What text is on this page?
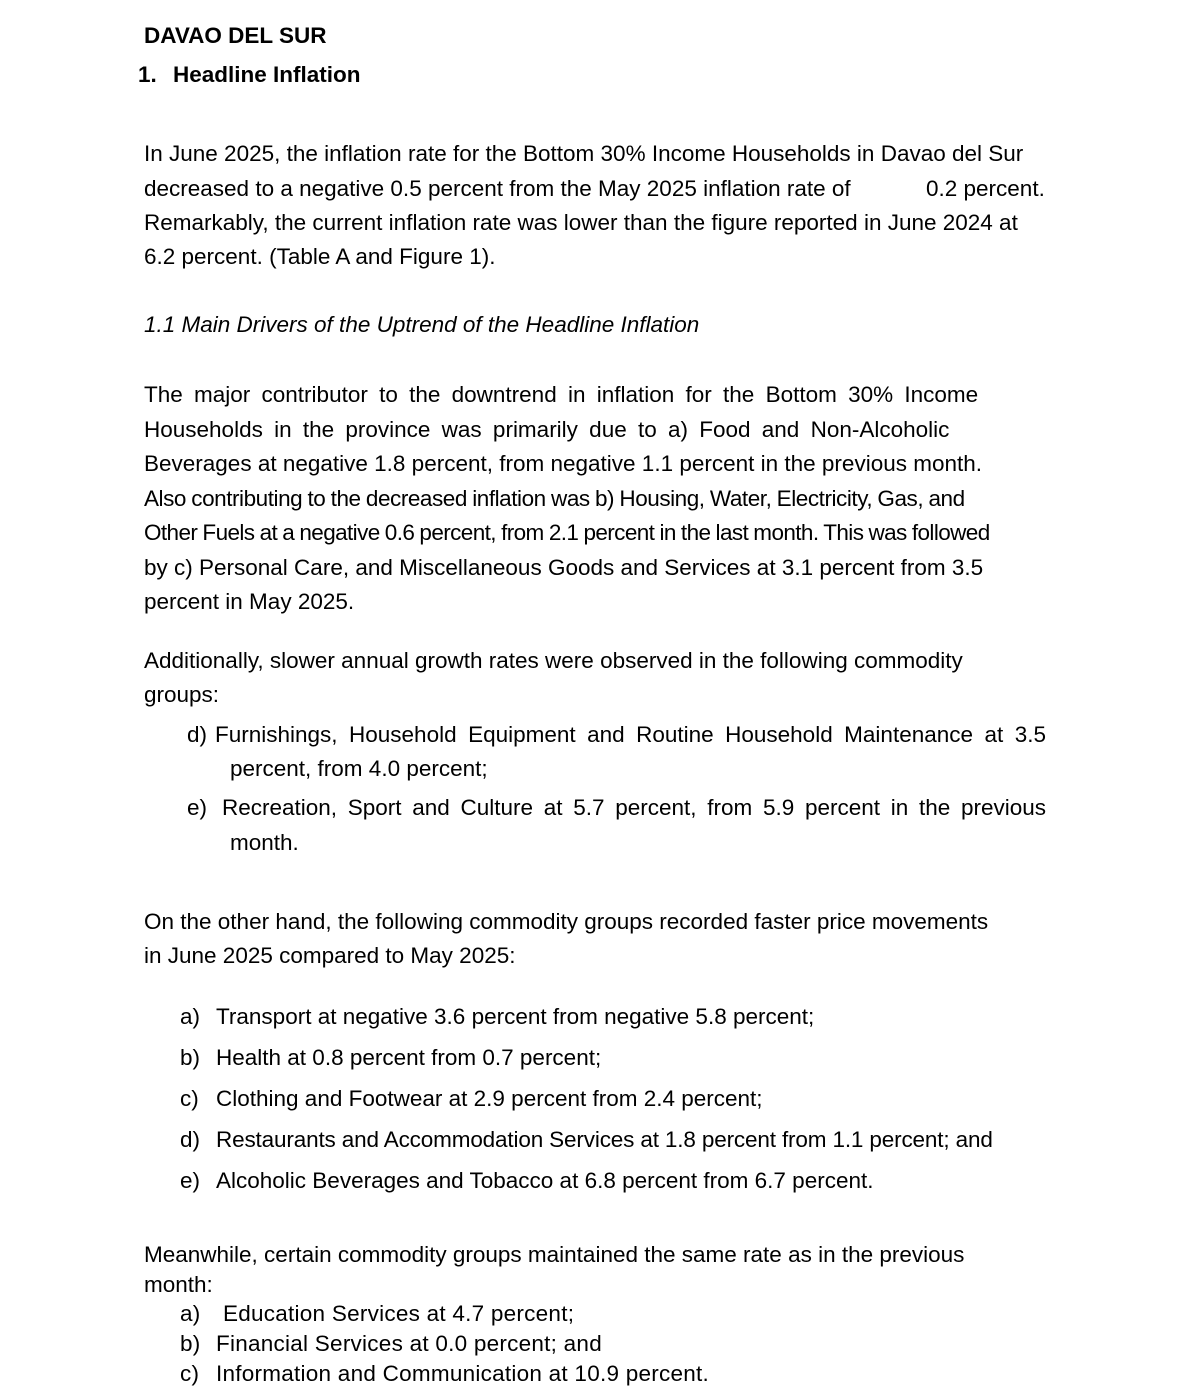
DAVAO DEL SUR

1. Headline Inflation

In June 2025, the inflation rate for the Bottom 30% Income Households in Davao del Sur

decreased to a negative 0.5 percent from the May 2025 inflation rate of	0.2 percent.

Remarkably, the current inflation rate was lower than the figure reported in June 2024 at

6.2 percent. (Table A and Figure 1).

1.1 Main Drivers of the Uptrend of the Headline Inflation

The major contributor to the downtrend in inflation for the Bottom 30% Income

Households in the province was primarily due to a) Food and Non-Alcoholic

Beverages at negative 1.8 percent, from negative 1.1 percent in the previous month.

Also contributing to the decreased inflation was b) Housing, Water, Electricity, Gas, and

Other Fuels at a negative 0.6 percent, from 2.1 percent in the last month. This was followed

by c) Personal Care, and Miscellaneous Goods and Services at 3.1 percent from 3.5

percent in May 2025.

Additionally, slower annual growth rates were observed in the following commodity

groups:

d) Furnishings, Household Equipment and Routine Household Maintenance at 3.5

percent, from 4.0 percent;

e) Recreation, Sport and Culture at 5.7 percent, from 5.9 percent in the previous

month.

On the other hand, the following commodity groups recorded faster price movements

in June 2025 compared to May 2025:

a) Transport at negative 3.6 percent from negative 5.8 percent;

b) Health at 0.8 percent from 0.7 percent;

c) Clothing and Footwear at 2.9 percent from 2.4 percent;

d) Restaurants and Accommodation Services at 1.8 percent from 1.1 percent; and

e) Alcoholic Beverages and Tobacco at 6.8 percent from 6.7 percent.

Meanwhile, certain commodity groups maintained the same rate as in the previous

month:

a) Education Services at 4.7 percent;

b) Financial Services at 0.0 percent; and

c) Information and Communication at 10.9 percent.
